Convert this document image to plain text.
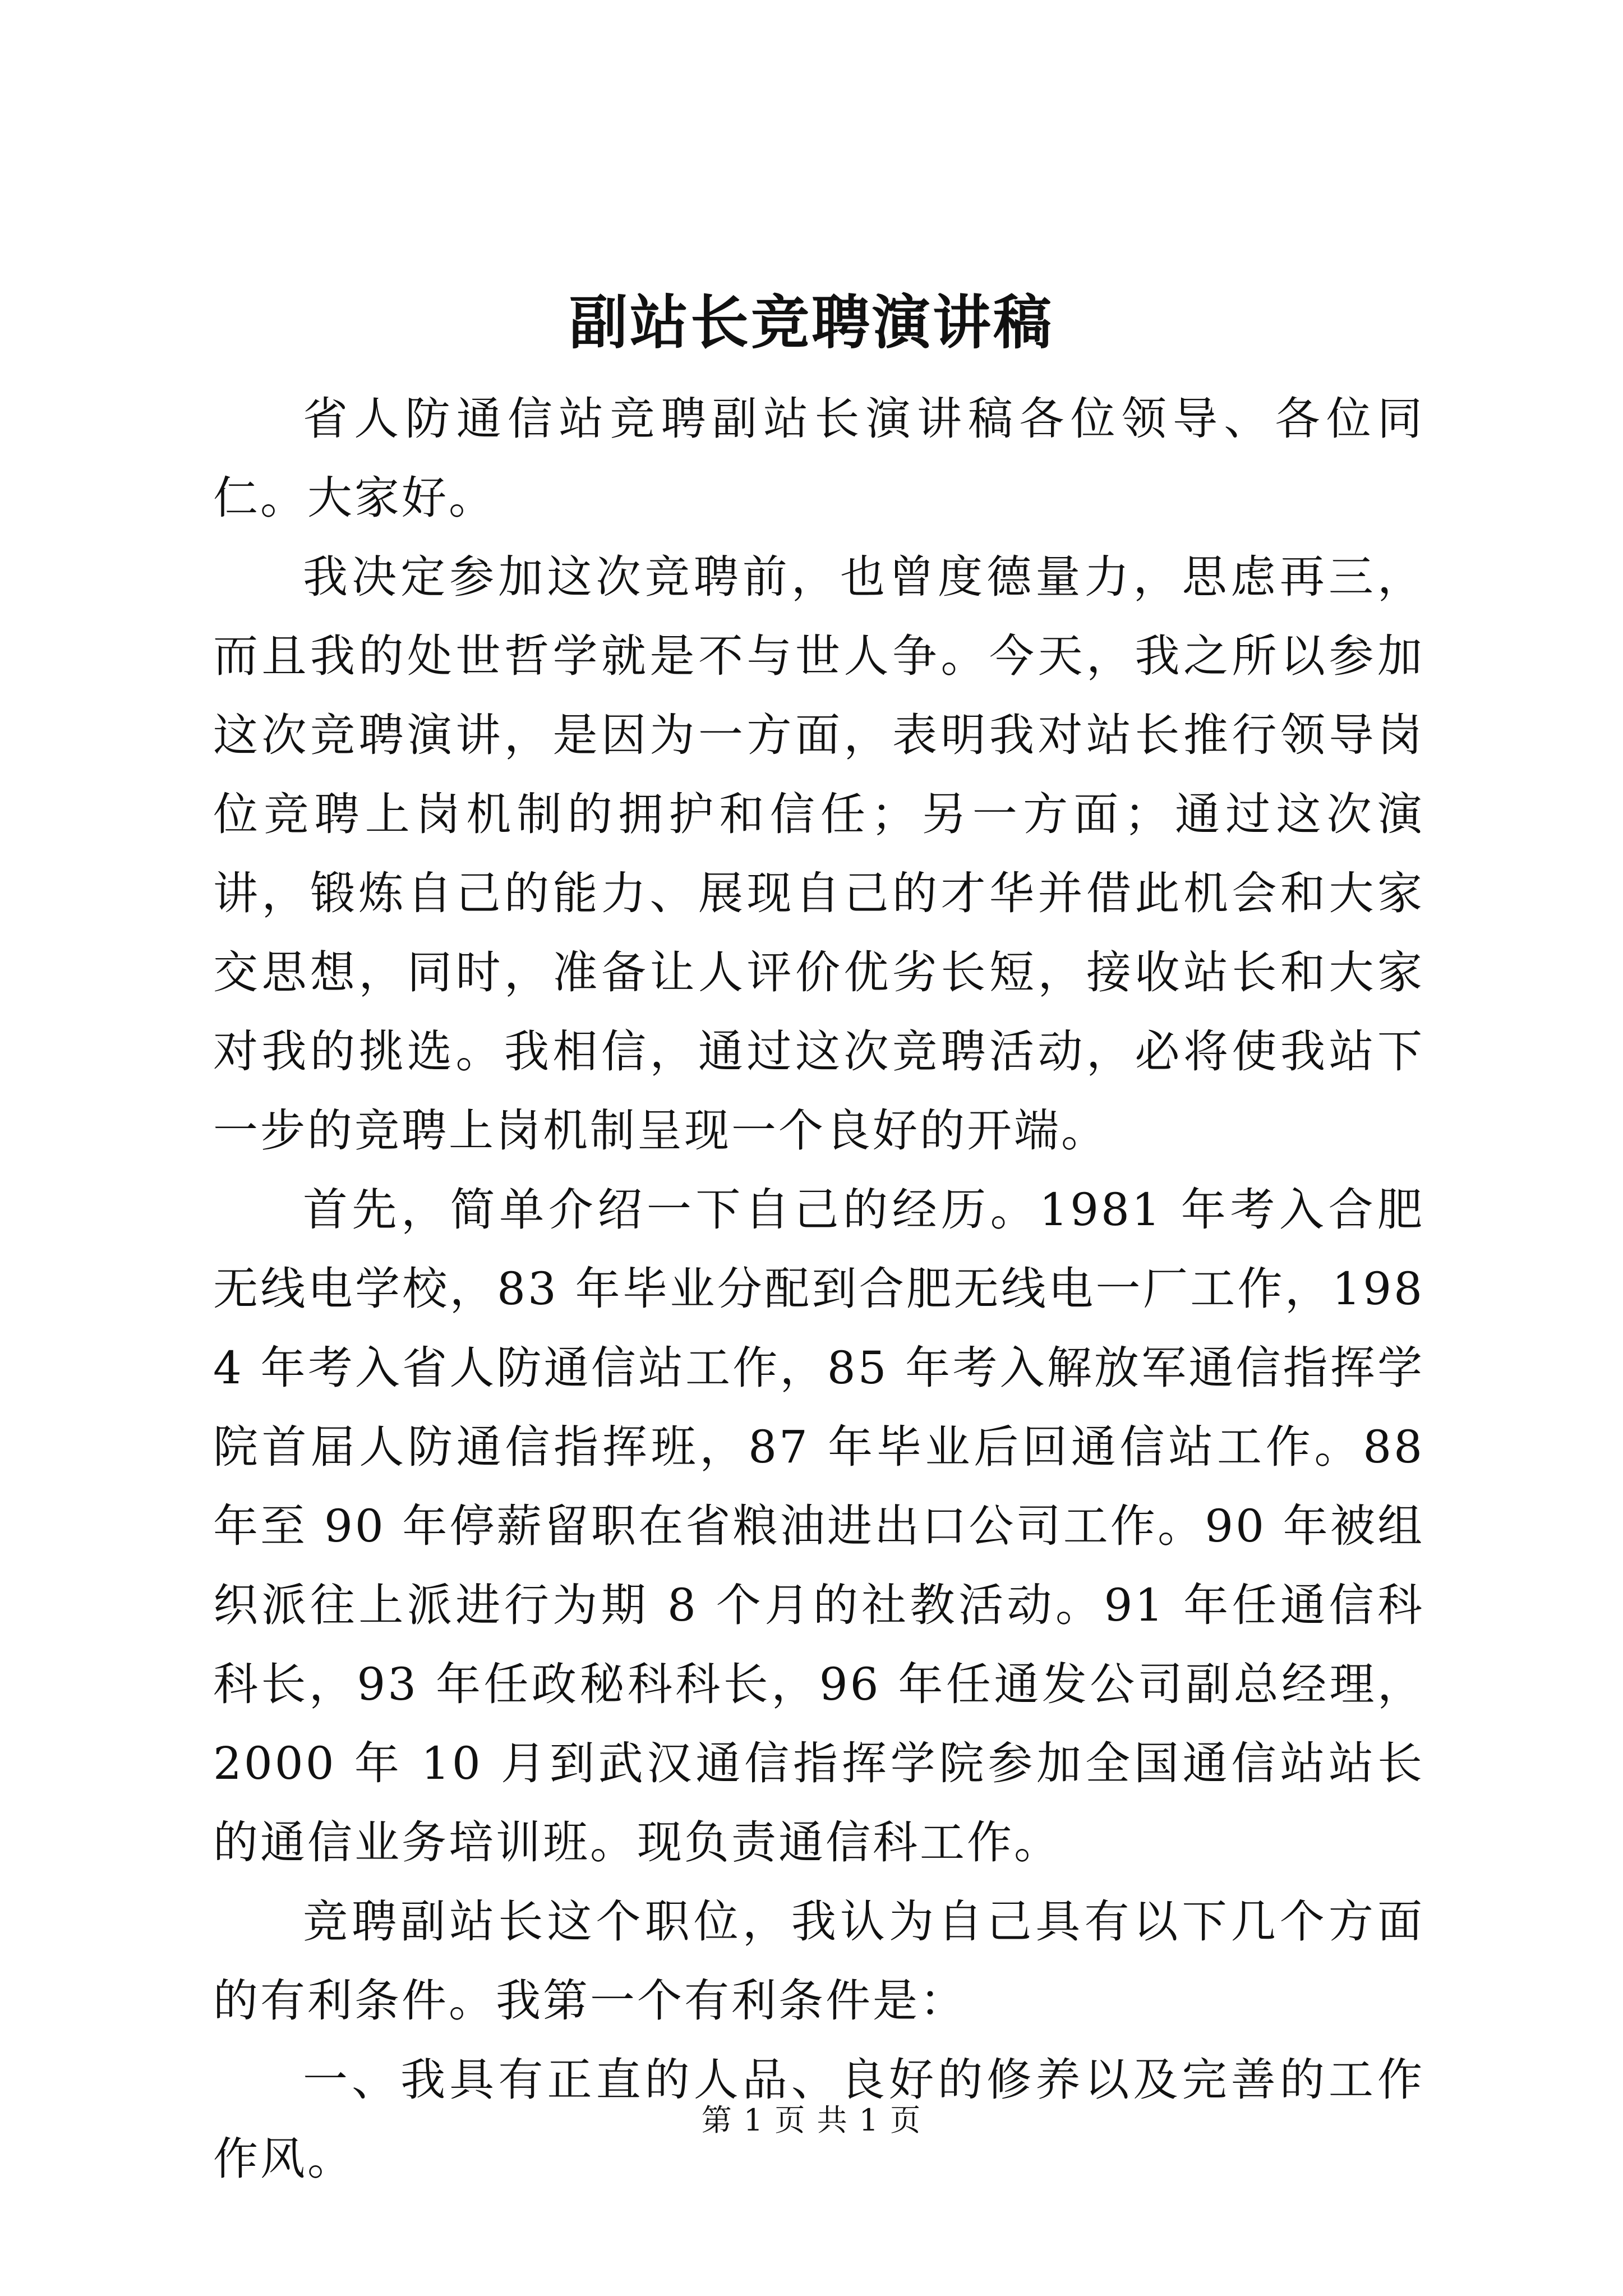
副站长竞聘演讲稿

省人防通信站竞聘副站长演讲稿各位领导、各位同仁。大家好。

我决定参加这次竞聘前，也曾度德量力，思虑再三，而且我的处世哲学就是不与世人争。今天，我之所以参加这次竞聘演讲，是因为一方面，表明我对站长推行领导岗位竞聘上岗机制的拥护和信任；另一方面；通过这次演讲，锻炼自己的能力、展现自己的才华并借此机会和大家交思想，同时，准备让人评价优劣长短，接收站长和大家对我的挑选。我相信，通过这次竞聘活动，必将使我站下一步的竞聘上岗机制呈现一个良好的开端。

首先，简单介绍一下自己的经历。1981 年考入合肥无线电学校，83 年毕业分配到合肥无线电一厂工作，1984 年考入省人防通信站工作，85 年考入解放军通信指挥学院首届人防通信指挥班，87 年毕业后回通信站工作。88 年至 90 年停薪留职在省粮油进出口公司工作。90 年被组织派往上派进行为期 8 个月的社教活动。91 年任通信科科长，93 年任政秘科科长，96 年任通发公司副总经理，2000 年 10 月到武汉通信指挥学院参加全国通信站站长的通信业务培训班。现负责通信科工作。

竞聘副站长这个职位，我认为自己具有以下几个方面的有利条件。我第一个有利条件是：

一、我具有正直的人品、良好的修养以及完善的工作作风。

第 1 页 共 1 页
